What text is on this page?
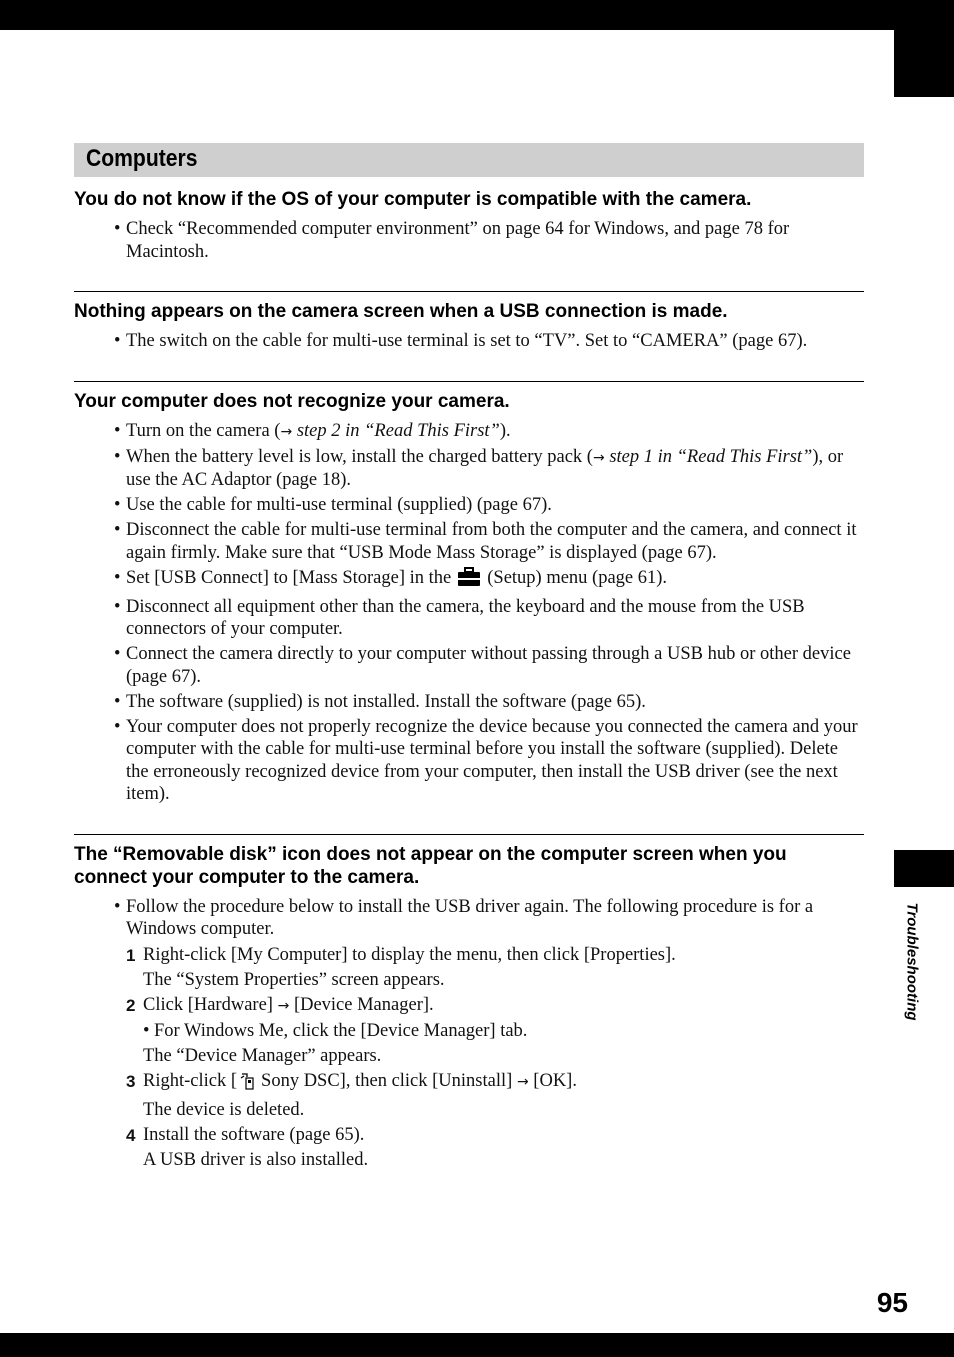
Computers

You do not know if the OS of your computer is compatible with the camera.

• Check “Recommended computer environment” on page 64 for Windows, and page 78 for Macintosh.

Nothing appears on the camera screen when a USB connection is made.

• The switch on the cable for multi-use terminal is set to “TV”. Set to “CAMERA” (page 67).

Your computer does not recognize your camera.

• Turn on the camera (→ step 2 in “Read This First”).
• When the battery level is low, install the charged battery pack (→ step 1 in “Read This First”), or use the AC Adaptor (page 18).
• Use the cable for multi-use terminal (supplied) (page 67).
• Disconnect the cable for multi-use terminal from both the computer and the camera, and connect it again firmly. Make sure that “USB Mode Mass Storage” is displayed (page 67).
• Set [USB Connect] to [Mass Storage] in the (Setup) menu (page 61).
• Disconnect all equipment other than the camera, the keyboard and the mouse from the USB connectors of your computer.
• Connect the camera directly to your computer without passing through a USB hub or other device (page 67).
• The software (supplied) is not installed. Install the software (page 65).
• Your computer does not properly recognize the device because you connected the camera and your computer with the cable for multi-use terminal before you install the software (supplied). Delete the erroneously recognized device from your computer, then install the USB driver (see the next item).

The “Removable disk” icon does not appear on the computer screen when you connect your computer to the camera.

• Follow the procedure below to install the USB driver again. The following procedure is for a Windows computer.
1 Right-click [My Computer] to display the menu, then click [Properties].
The “System Properties” screen appears.
2 Click [Hardware] → [Device Manager].
• For Windows Me, click the [Device Manager] tab.
The “Device Manager” appears.
3 Right-click [ Sony DSC], then click [Uninstall] → [OK].
The device is deleted.
4 Install the software (page 65).
A USB driver is also installed.
Troubleshooting
95
